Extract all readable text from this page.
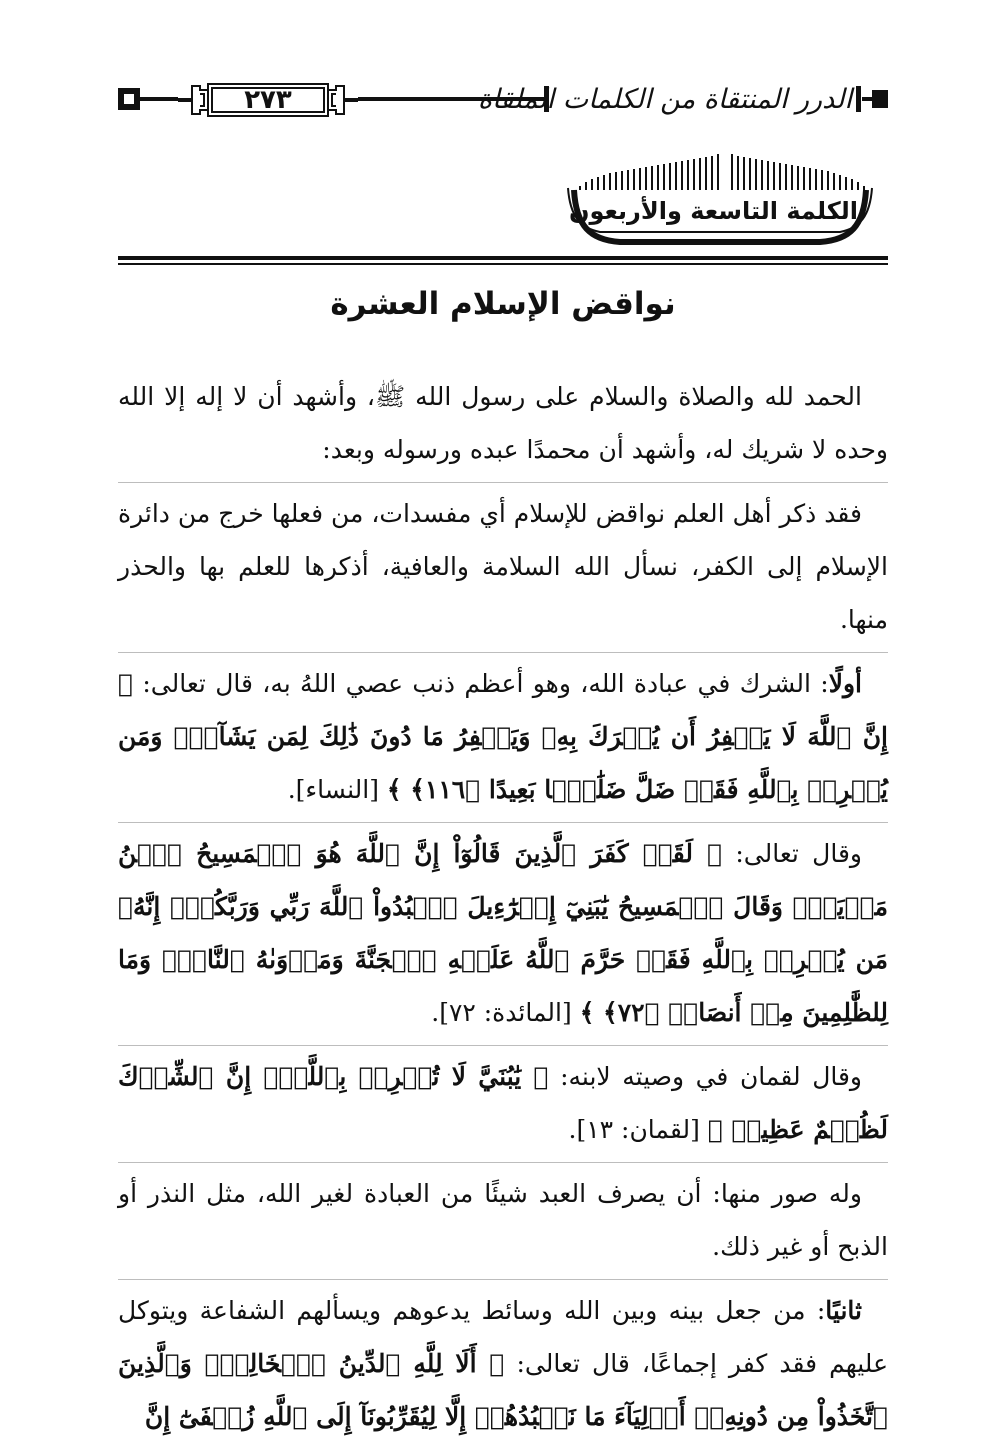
٢٧٣	الدرر المنتقاة من الكلمات الملقاة
الكلمة التاسعة والأربعون
نواقض الإسلام العشرة

الحمد لله والصلاة والسلام على رسول الله ﷺ، وأشهد أن لا إله إلا الله وحده لا شريك له، وأشهد أن محمدًا عبده ورسوله وبعد:

فقد ذكر أهل العلم نواقض للإسلام أي مفسدات، من فعلها خرج من دائرة الإسلام إلى الكفر، نسأل الله السلامة والعافية، أذكرها للعلم بها والحذر منها.

أولًا: الشرك في عبادة الله، وهو أعظم ذنب عصي اللهُ به، قال تعالى: ﴿ إِنَّ ٱللَّهَ لَا يَغۡفِرُ أَن يُشۡرَكَ بِهِۦ وَيَغۡفِرُ مَا دُونَ ذَٰلِكَ لِمَن يَشَآءُۚ وَمَن يُشۡرِكۡ بِٱللَّهِ فَقَدۡ ضَلَّ ضَلَٰلَۢا بَعِيدًا ﴿١١٦﴾ ﴾ [النساء].

وقال تعالى: ﴿ لَقَدۡ كَفَرَ ٱلَّذِينَ قَالُوٓاْ إِنَّ ٱللَّهَ هُوَ ٱلۡمَسِيحُ ٱبۡنُ مَرۡيَمَۖ وَقَالَ ٱلۡمَسِيحُ يَٰبَنِيٓ إِسۡرَٰٓءِيلَ ٱعۡبُدُواْ ٱللَّهَ رَبِّي وَرَبَّكُمۡۖ إِنَّهُۥ مَن يُشۡرِكۡ بِٱللَّهِ فَقَدۡ حَرَّمَ ٱللَّهُ عَلَيۡهِ ٱلۡجَنَّةَ وَمَأۡوَىٰهُ ٱلنَّارُۖ وَمَا لِلظَّٰلِمِينَ مِنۡ أَنصَارٖ ﴿٧٢﴾ ﴾ [المائدة: ٧٢].

وقال لقمان في وصيته لابنه: ﴿ يَٰبُنَيَّ لَا تُشۡرِكۡ بِٱللَّهِۖ إِنَّ ٱلشِّرۡكَ لَظُلۡمٌ عَظِيمٞ ﴾ [لقمان: ١٣].

وله صور منها: أن يصرف العبد شيئًا من العبادة لغير الله، مثل النذر أو الذبح أو غير ذلك.

ثانيًا: من جعل بينه وبين الله وسائط يدعوهم ويسألهم الشفاعة ويتوكل عليهم فقد كفر إجماعًا، قال تعالى: ﴿ أَلَا لِلَّهِ ٱلدِّينُ ٱلۡخَالِصُۚ وَٱلَّذِينَ ٱتَّخَذُواْ مِن دُونِهِۦٓ أَوۡلِيَآءَ مَا نَعۡبُدُهُمۡ إِلَّا لِيُقَرِّبُونَآ إِلَى ٱللَّهِ زُلۡفَىٰٓ إِنَّ
